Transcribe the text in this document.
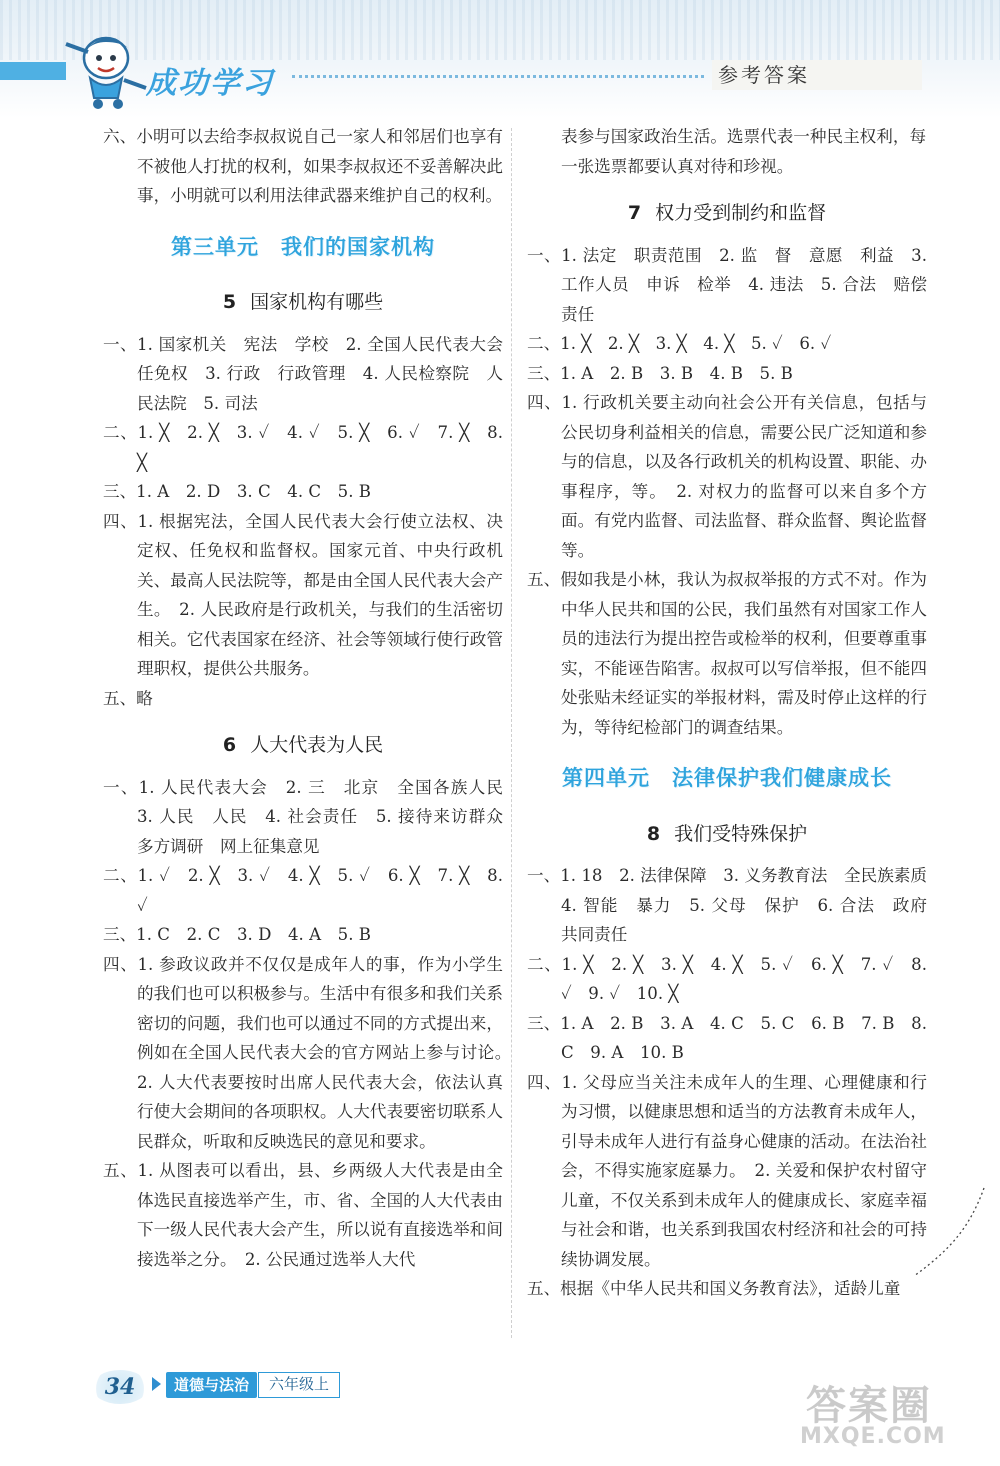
成功学习	参考答案
六、小明可以去给李叔叔说自己一家人和邻居们也享有不被他人打扰的权利，如果李叔叔还不妥善解决此事，小明就可以利用法律武器来维护自己的权利。
第三单元　我们的国家机构
5 国家机构有哪些
一、1. 国家机关　宪法　学校　2. 全国人民代表大会　任免权　3. 行政　行政管理　4. 人民检察院　人民法院　5. 司法
二、1. ╳　2. ╳　3. ✓　4. ✓　5. ╳　6. ✓　7. ╳　8. ╳
三、1. A　2. D　3. C　4. C　5. B
四、1. 根据宪法，全国人民代表大会行使立法权、决定权、任免权和监督权。国家元首、中央行政机关、最高人民法院等，都是由全国人民代表大会产生。　2. 人民政府是行政机关，与我们的生活密切相关。它代表国家在经济、社会等领域行使行政管理职权，提供公共服务。
五、略
6 人大代表为人民
一、1. 人民代表大会　2. 三　北京　全国各族人民　3. 人民　人民　4. 社会责任　5. 接待来访群众　多方调研　网上征集意见
二、1. ✓　2. ╳　3. ✓　4. ╳　5. ✓　6. ╳　7. ╳　8. ✓
三、1. C　2. C　3. D　4. A　5. B
四、1. 参政议政并不仅仅是成年人的事，作为小学生的我们也可以积极参与。生活中有很多和我们关系密切的问题，我们也可以通过不同的方式提出来，例如在全国人民代表大会的官方网站上参与讨论。　2. 人大代表要按时出席人民代表大会，依法认真行使大会期间的各项职权。人大代表要密切联系人民群众，听取和反映选民的意见和要求。
五、1. 从图表可以看出，县、乡两级人大代表是由全体选民直接选举产生，市、省、全国的人大代表由下一级人民代表大会产生，所以说有直接选举和间接选举之分。　2. 公民通过选举人大代
表参与国家政治生活。选票代表一种民主权利，每一张选票都要认真对待和珍视。
7 权力受到制约和监督
一、1. 法定　职责范围　2. 监　督　意愿　利益　3. 工作人员　申诉　检举　4. 违法　5. 合法　赔偿责任
二、1. ╳　2. ╳　3. ╳　4. ╳　5. ✓　6. ✓
三、1. A　2. B　3. B　4. B　5. B
四、1. 行政机关要主动向社会公开有关信息，包括与公民切身利益相关的信息，需要公民广泛知道和参与的信息，以及各行政机关的机构设置、职能、办事程序，等。　2. 对权力的监督可以来自多个方面。有党内监督、司法监督、群众监督、舆论监督等。
五、假如我是小林，我认为叔叔举报的方式不对。作为中华人民共和国的公民，我们虽然有对国家工作人员的违法行为提出控告或检举的权利，但要尊重事实，不能诬告陷害。叔叔可以写信举报，但不能四处张贴未经证实的举报材料，需及时停止这样的行为，等待纪检部门的调查结果。
第四单元　法律保护我们健康成长
8 我们受特殊保护
一、1. 18　2. 法律保障　3. 义务教育法　全民族素质　4. 智能　暴力　5. 父母　保护　6. 合法　政府　共同责任
二、1. ╳　2. ╳　3. ╳　4. ╳　5. ✓　6. ╳　7. ✓　8. ✓　9. ✓　10. ╳
三、1. A　2. B　3. A　4. C　5. C　6. B　7. B　8. C　9. A　10. B
四、1. 父母应当关注未成年人的生理、心理健康和行为习惯，以健康思想和适当的方法教育未成年人，引导未成年人进行有益身心健康的活动。在法治社会，不得实施家庭暴力。　2. 关爱和保护农村留守儿童，不仅关系到未成年人的健康成长、家庭幸福与社会和谐，也关系到我国农村经济和社会的可持续协调发展。
五、根据《中华人民共和国义务教育法》，适龄儿童
34	道德与法治	六年级上	答案圈
MXQE.COM
